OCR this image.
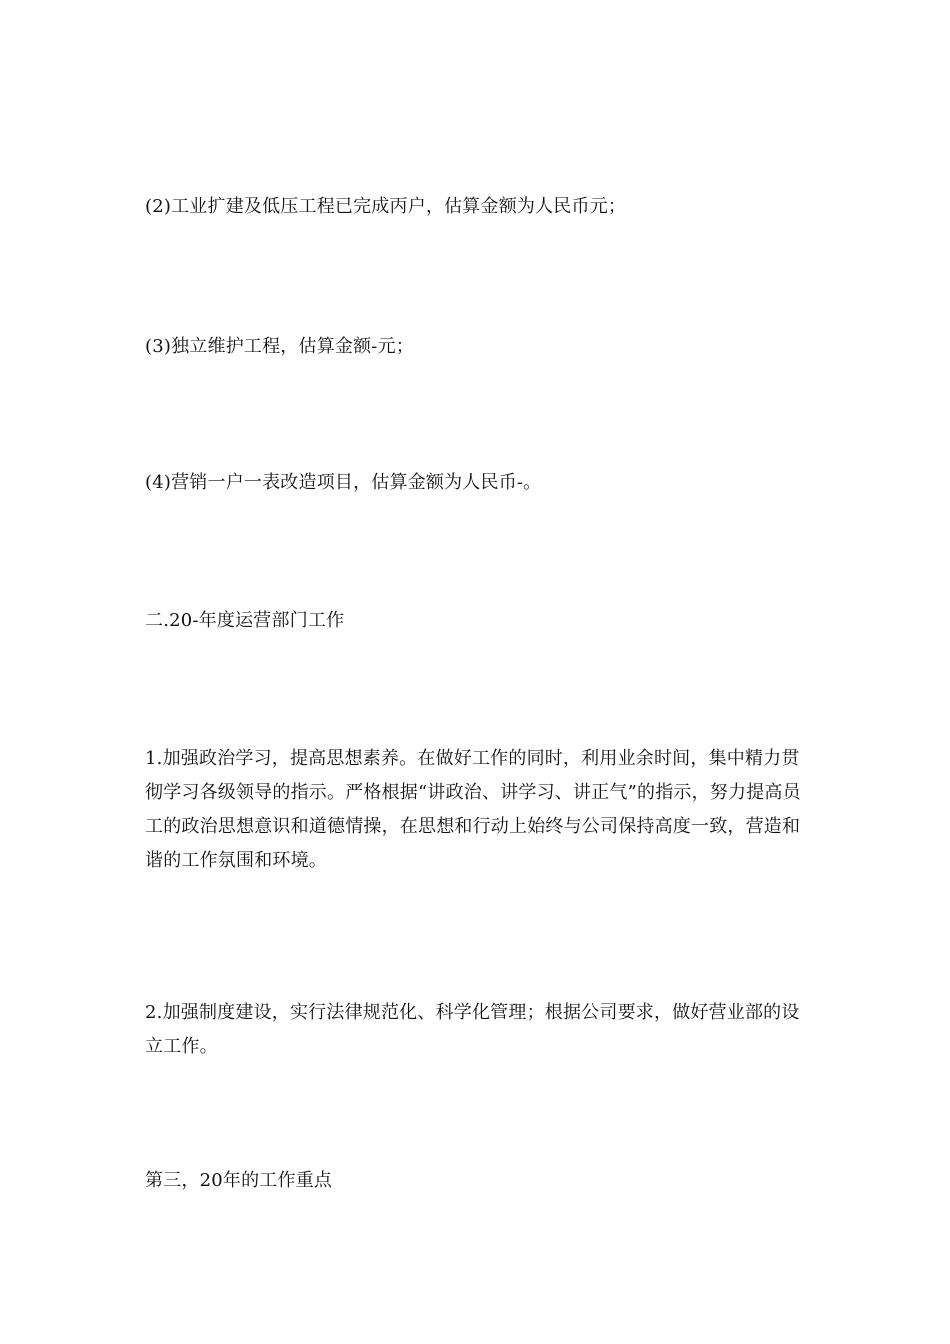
(2)工业扩建及低压工程已完成丙户，估算金额为人民币元；

(3)独立维护工程，估算金额-元；

(4)营销一户一表改造项目，估算金额为人民币-。

二.20-年度运营部门工作

1.加强政治学习，提高思想素养。在做好工作的同时，利用业余时间，集中精力贯彻学习各级领导的指示。严格根据“讲政治、讲学习、讲正气”的指示，努力提高员工的政治思想意识和道德情操，在思想和行动上始终与公司保持高度一致，营造和谐的工作氛围和环境。

2.加强制度建设，实行法律规范化、科学化管理；根据公司要求，做好营业部的设立工作。

第三，20年的工作重点
